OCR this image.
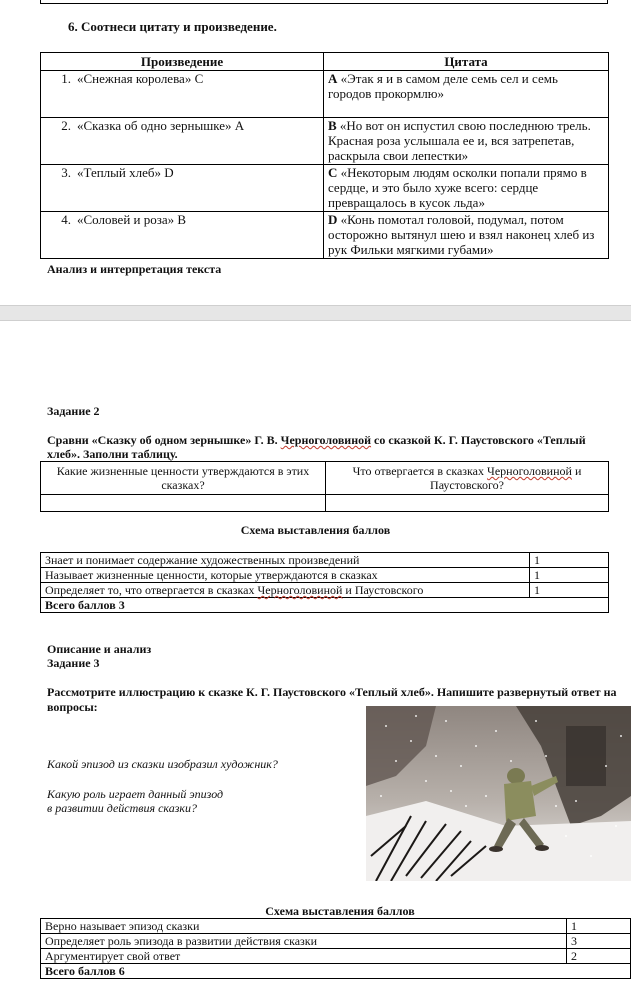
6. Соотнеси цитату и произведение.
Произведение	Цитата
1. «Снежная королева» C	А «Этак я и в самом деле семь сел и семь городов прокормлю»
2. «Сказка об одно зернышке» А	B «Но вот он испустил свою последнюю трель. Красная роза услышала ее и, вся затрепетав, раскрыла свои лепестки»
3. «Теплый хлеб» D	C «Некоторым людям осколки попали прямо в сердце, и это было хуже всего: сердце превращалось в кусок льда»
4. «Соловей и роза» B	D «Конь помотал головой, подумал, потом осторожно вытянул шею и взял наконец хлеб из рук Фильки мягкими губами»
Анализ и интерпретация текста
Задание 2
Сравни «Сказку об одном зернышке» Г. В. Черноголовиной со сказкой К. Г. Паустовского «Теплый хлеб». Заполни таблицу.
Какие жизненные ценности утверждаются в этих сказках?	Что отвергается в сказках Черноголовиной и Паустовского?

Схема выставления баллов
Знает и понимает содержание художественных произведений	1
Называет жизненные ценности, которые утверждаются в сказках	1
Определяет то, что отвергается в сказках Черноголовиной и Паустовского	1
Всего баллов 3	
Описание и анализ
Задание 3
Рассмотрите иллюстрацию к сказке К. Г. Паустовского «Теплый хлеб». Напишите развернутый ответ на вопросы:
Какой эпизод из сказки изобразил художник?
Какую роль играет данный эпизод
в развитии действия сказки?
Схема выставления баллов
Верно называет эпизод сказки	1
Определяет роль эпизода в развитии действия сказки	3
Аргументирует свой ответ	2
Всего баллов 6	
